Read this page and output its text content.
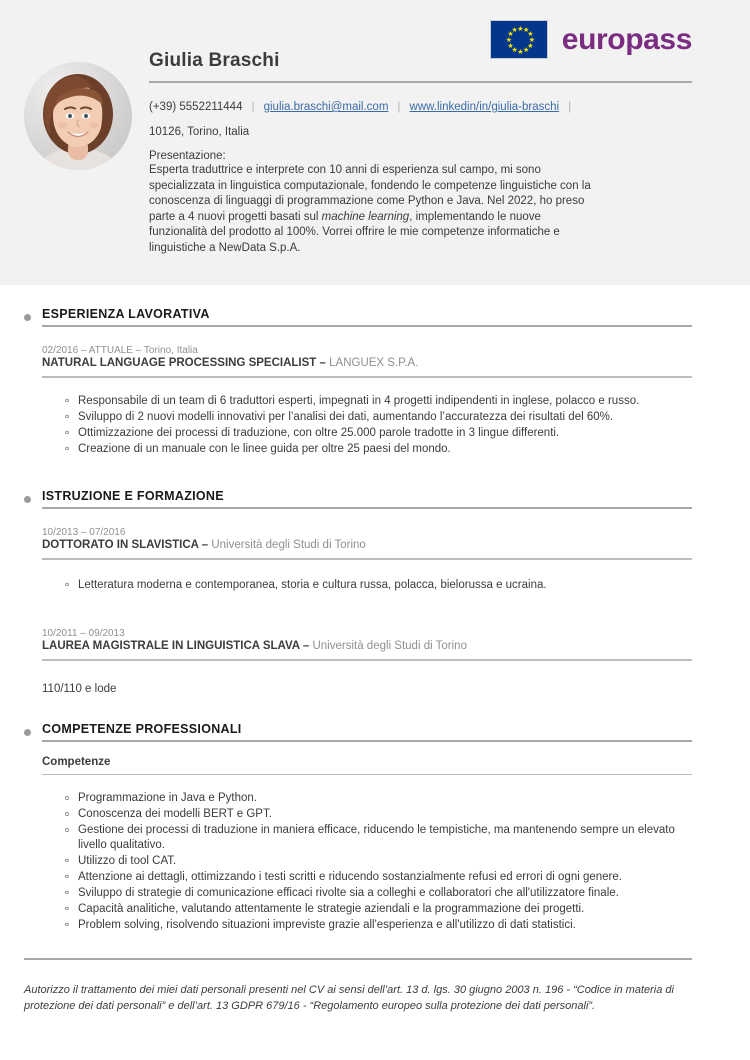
★ ★
★
★
★
★
★
★
★
★
★
★ europass
Giulia Braschi
(+39) 5552211444 | giulia.braschi@mail.com | www.linkedin/in/giulia-braschi |
10126, Torino, Italia
Presentazione:
Esperta traduttrice e interprete con 10 anni di esperienza sul campo, mi sono specializzata in linguistica computazionale, fondendo le competenze linguistiche con la conoscenza di linguaggi di programmazione come Python e Java. Nel 2022, ho preso parte a 4 nuovi progetti basati sul machine learning, implementando le nuove funzionalità del prodotto al 100%. Vorrei offrire le mie competenze informatiche e linguistiche a NewData S.p.A.
ESPERIENZA LAVORATIVA
02/2016 – ATTUALE – Torino, Italia
NATURAL LANGUAGE PROCESSING SPECIALIST – LANGUEX S.P.A.
Responsabile di un team di 6 traduttori esperti, impegnati in 4 progetti indipendenti in inglese, polacco e russo.
Sviluppo di 2 nuovi modelli innovativi per l’analisi dei dati, aumentando l’accuratezza dei risultati del 60%.
Ottimizzazione dei processi di traduzione, con oltre 25.000 parole tradotte in 3 lingue differenti.
Creazione di un manuale con le linee guida per oltre 25 paesi del mondo.
ISTRUZIONE E FORMAZIONE
10/2013 – 07/2016
DOTTORATO IN SLAVISTICA – Università degli Studi di Torino
Letteratura moderna e contemporanea, storia e cultura russa, polacca, bielorussa e ucraina.
10/2011 – 09/2013
LAUREA MAGISTRALE IN LINGUISTICA SLAVA – Università degli Studi di Torino
110/110 e lode
COMPETENZE PROFESSIONALI
Competenze
Programmazione in Java e Python.
Conoscenza dei modelli BERT e GPT.
Gestione dei processi di traduzione in maniera efficace, riducendo le tempistiche, ma mantenendo sempre un elevato livello qualitativo.
Utilizzo di tool CAT.
Attenzione ai dettagli, ottimizzando i testi scritti e riducendo sostanzialmente refusi ed errori di ogni genere.
Sviluppo di strategie di comunicazione efficaci rivolte sia a colleghi e collaboratori che all'utilizzatore finale.
Capacità analitiche, valutando attentamente le strategie aziendali e la programmazione dei progetti.
Problem solving, risolvendo situazioni impreviste grazie all'esperienza e all'utilizzo di dati statistici.
Autorizzo il trattamento dei miei dati personali presenti nel CV ai sensi dell’art. 13 d. lgs. 30 giugno 2003 n. 196 - “Codice in materia di protezione dei dati personali” e dell’art. 13 GDPR 679/16 - “Regolamento europeo sulla protezione dei dati personali”.
